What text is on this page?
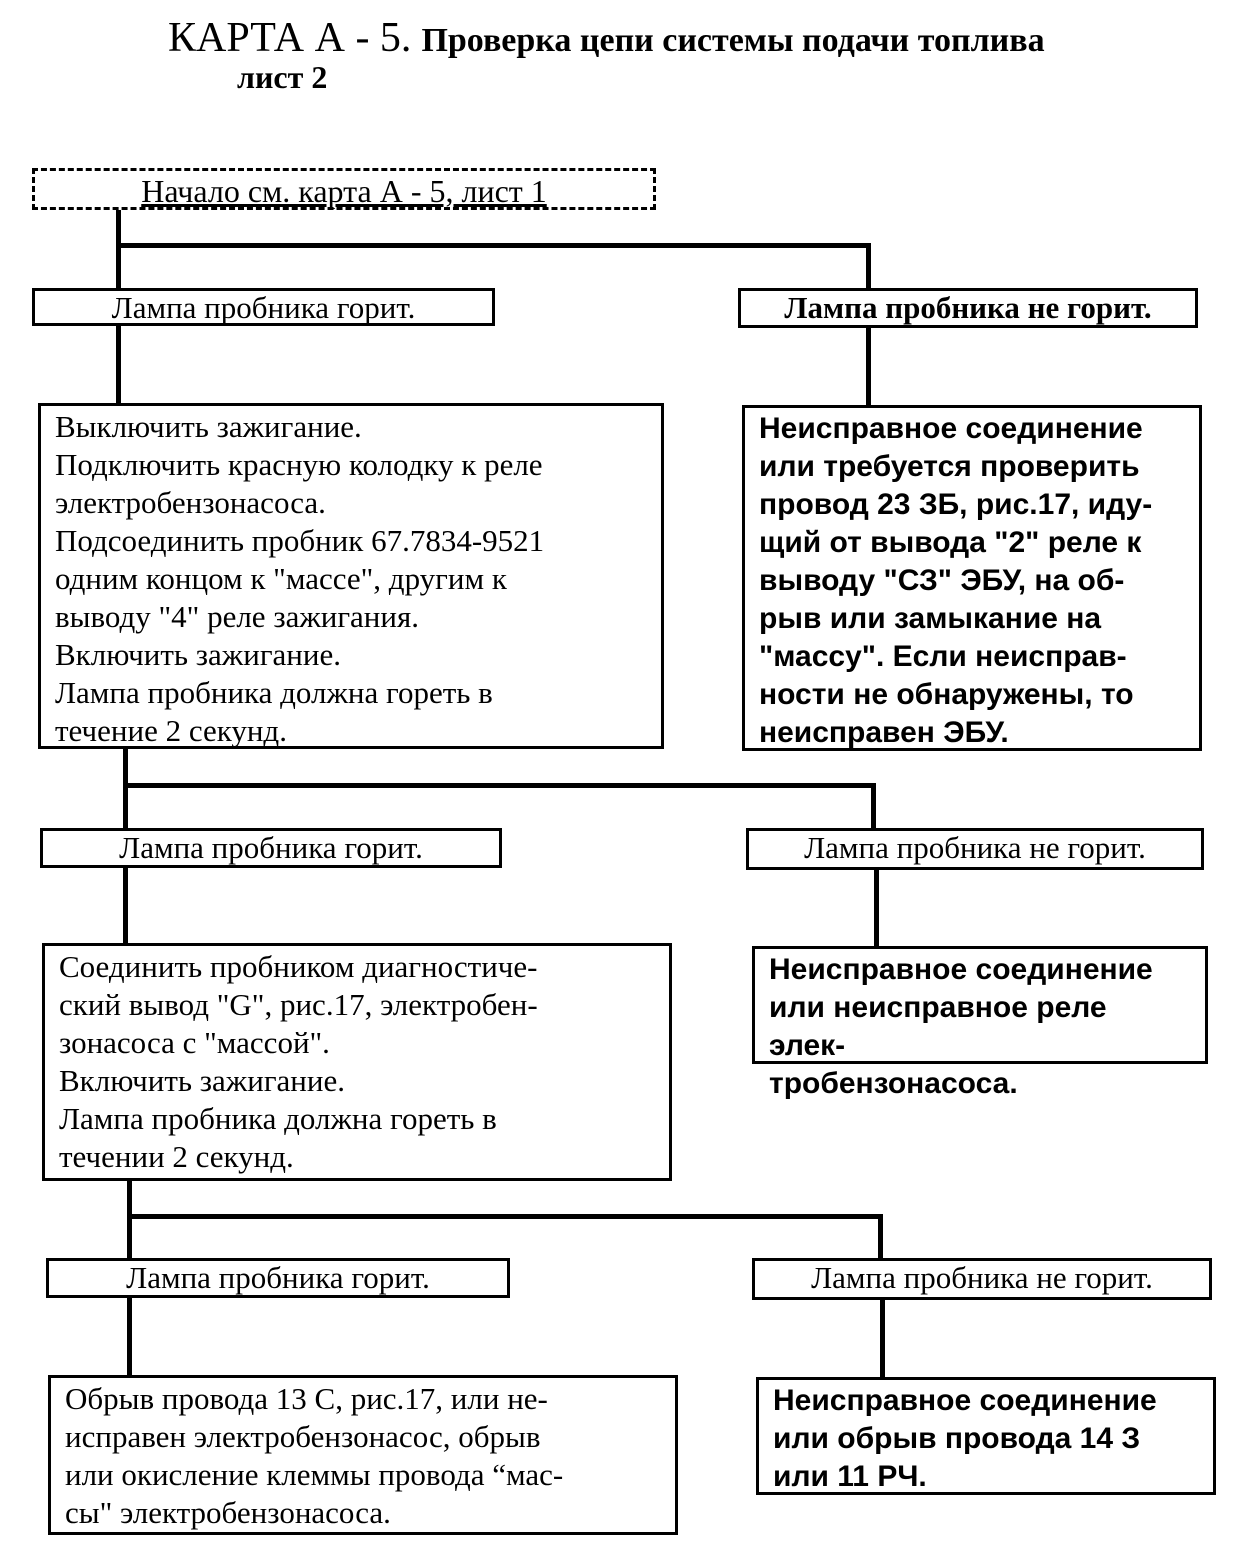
КАРТА А - 5. Проверка цепи системы подачи топлива
лист 2
Начало см. карта А - 5, лист 1
Лампа пробника горит.	Лампа пробника не горит.
Выключить зажигание.
Подключить красную колодку к реле
электробензонасоса.
Подсоединить пробник 67.7834-9521
одним концом к "массе", другим к
выводу "4" реле зажигания.
Включить зажигание.
Лампа пробника должна гореть в
течение 2 секунд.
Неисправное соединение
или требуется проверить
провод 23 ЗБ, рис.17, иду-
щий от вывода "2" реле к
выводу "СЗ" ЭБУ, на об-
рыв или замыкание на
"массу". Если неисправ-
ности не обнаружены, то
неисправен ЭБУ.
Лампа пробника горит.	Лампа пробника не горит.
Соединить пробником диагностиче-
ский вывод "G", рис.17, электробен-
зонасоса с "массой".
Включить зажигание.
Лампа пробника должна гореть в
течении 2 секунд.
Неисправное соединение
или неисправное реле элек-
тробензонасоса.
Лампа пробника горит.	Лампа пробника не горит.
Обрыв провода 13 С, рис.17, или не-
исправен электробензонасос, обрыв
или окисление клеммы провода “мас-
сы" электробензонасоса.
Неисправное соединение
или обрыв провода 14 З
или 11 РЧ.
